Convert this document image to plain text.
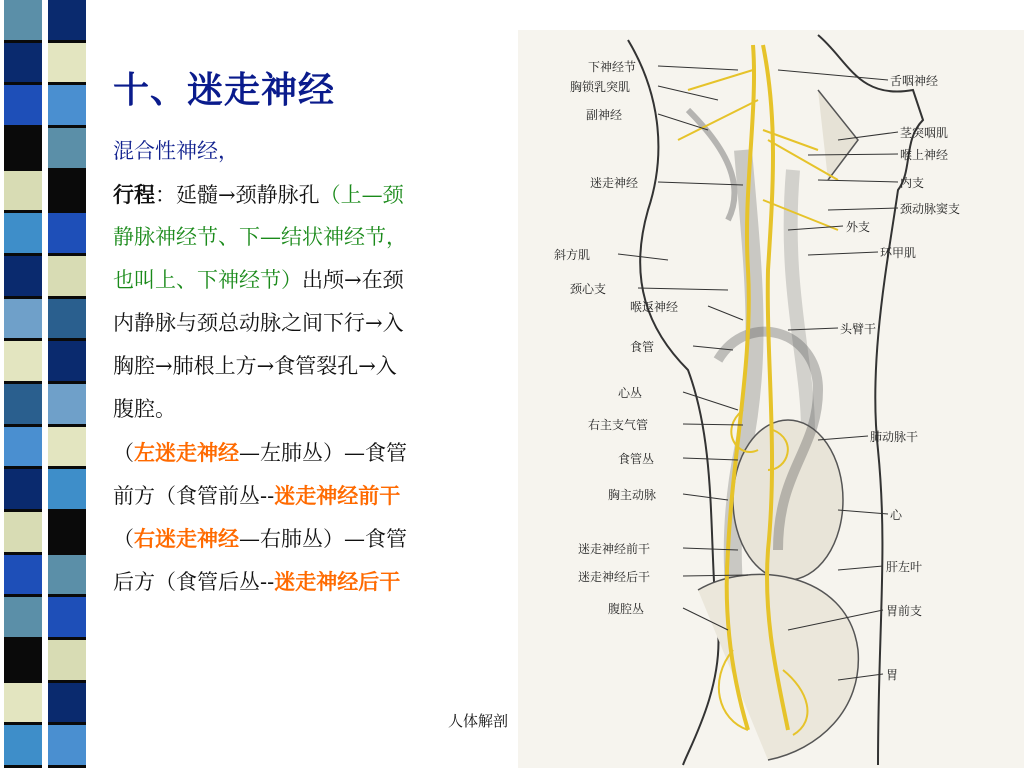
十、迷走神经
混合性神经，
行程：延髓→颈静脉孔（上—颈
静脉神经节、下—结状神经节，
也叫上、下神经节）出颅→在颈
内静脉与颈总动脉之间下行→入
胸腔→肺根上方→食管裂孔→入
腹腔。
（左迷走神经—左肺丛）—食管
前方（食管前丛--迷走神经前干
（右迷走神经—右肺丛）—食管
后方（食管后丛--迷走神经后干
人体解剖
下神经节
胸锁乳突肌
副神经
迷走神经
斜方肌
颈心支
喉返神经
食管
心丛
右主支气管
食管丛
胸主动脉
迷走神经前干
迷走神经后干
腹腔丛
舌咽神经
茎突咽肌
喉上神经
内支
颈动脉窦支
外支
环甲肌
头臂干
肺动脉干
心
肝左叶
胃前支
胃
